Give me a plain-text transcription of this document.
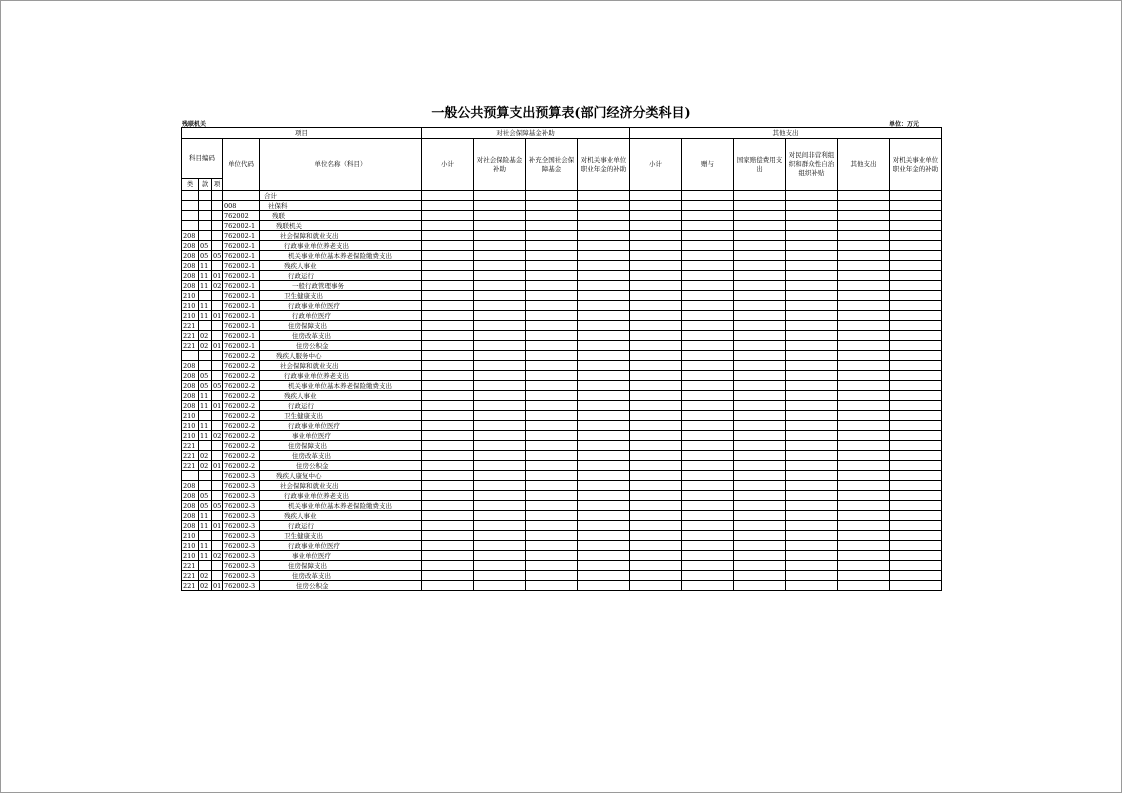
一般公共预算支出预算表(部门经济分类科目)
残联机关	单位：万元
项目					对社会保障基金补助				其他支出					
科目编码			单位代码	单位名称（科目）	小计	对社会保险基金补助	补充全国社会保障基金	对机关事业单位职业年金的补助	小计	赠与	国家赔偿费用支出	对民间非营利组织和群众性自治组织补贴	其他支出	对机关事业单位职业年金的补助
类	款	项												
				合计										
			008	社保科										
			762002	残联										
			762002-1	残联机关										
208			762002-1	社会保障和就业支出										
208	05		762002-1	行政事业单位养老支出										
208	05	05	762002-1	机关事业单位基本养老保险缴费支出										
208	11		762002-1	残疾人事业										
208	11	01	762002-1	行政运行										
208	11	02	762002-1	一般行政管理事务										
210			762002-1	卫生健康支出										
210	11		762002-1	行政事业单位医疗										
210	11	01	762002-1	行政单位医疗										
221			762002-1	住房保障支出										
221	02		762002-1	住房改革支出										
221	02	01	762002-1	住房公积金										
			762002-2	残疾人服务中心										
208			762002-2	社会保障和就业支出										
208	05		762002-2	行政事业单位养老支出										
208	05	05	762002-2	机关事业单位基本养老保险缴费支出										
208	11		762002-2	残疾人事业										
208	11	01	762002-2	行政运行										
210			762002-2	卫生健康支出										
210	11		762002-2	行政事业单位医疗										
210	11	02	762002-2	事业单位医疗										
221			762002-2	住房保障支出										
221	02		762002-2	住房改革支出										
221	02	01	762002-2	住房公积金										
			762002-3	残疾人康复中心										
208			762002-3	社会保障和就业支出										
208	05		762002-3	行政事业单位养老支出										
208	05	05	762002-3	机关事业单位基本养老保险缴费支出										
208	11		762002-3	残疾人事业										
208	11	01	762002-3	行政运行										
210			762002-3	卫生健康支出										
210	11		762002-3	行政事业单位医疗										
210	11	02	762002-3	事业单位医疗										
221			762002-3	住房保障支出										
221	02		762002-3	住房改革支出										
221	02	01	762002-3	住房公积金										
